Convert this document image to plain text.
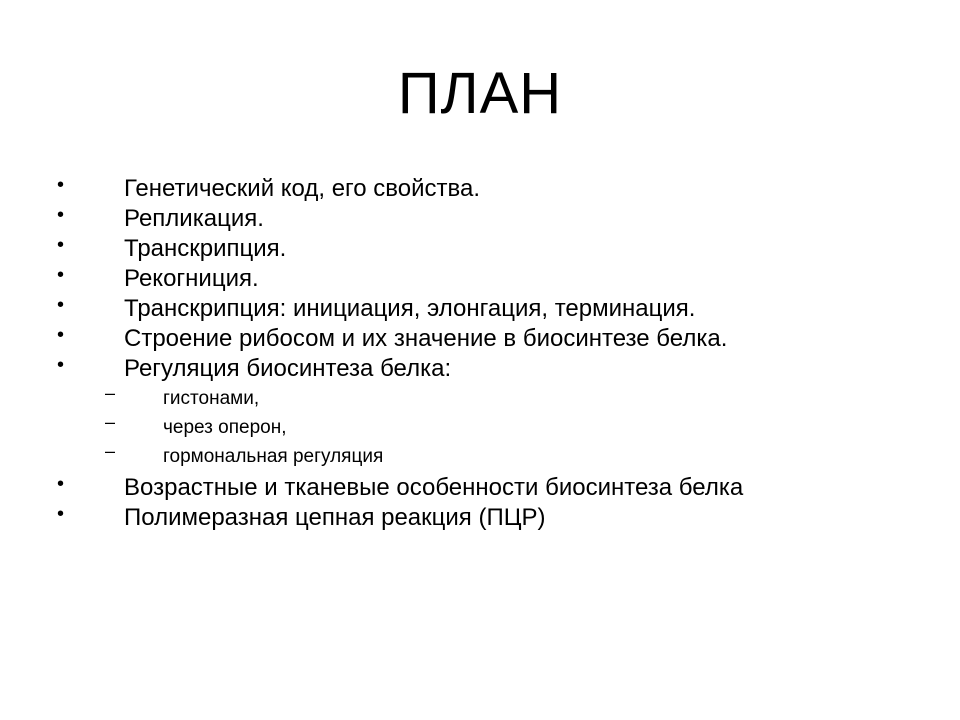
ПЛАН
• Генетический код, его свойства.
• Репликация.
• Транскрипция.
• Рекогниция.
• Транскрипция: инициация, элонгация, терминация.
• Строение рибосом и их значение в биосинтезе белка.
• Регуляция биосинтеза белка:
–	гистонами,
–	через оперон,
–	гормональная регуляция
• Возрастные и тканевые особенности биосинтеза белка
• Полимеразная цепная реакция (ПЦР)
